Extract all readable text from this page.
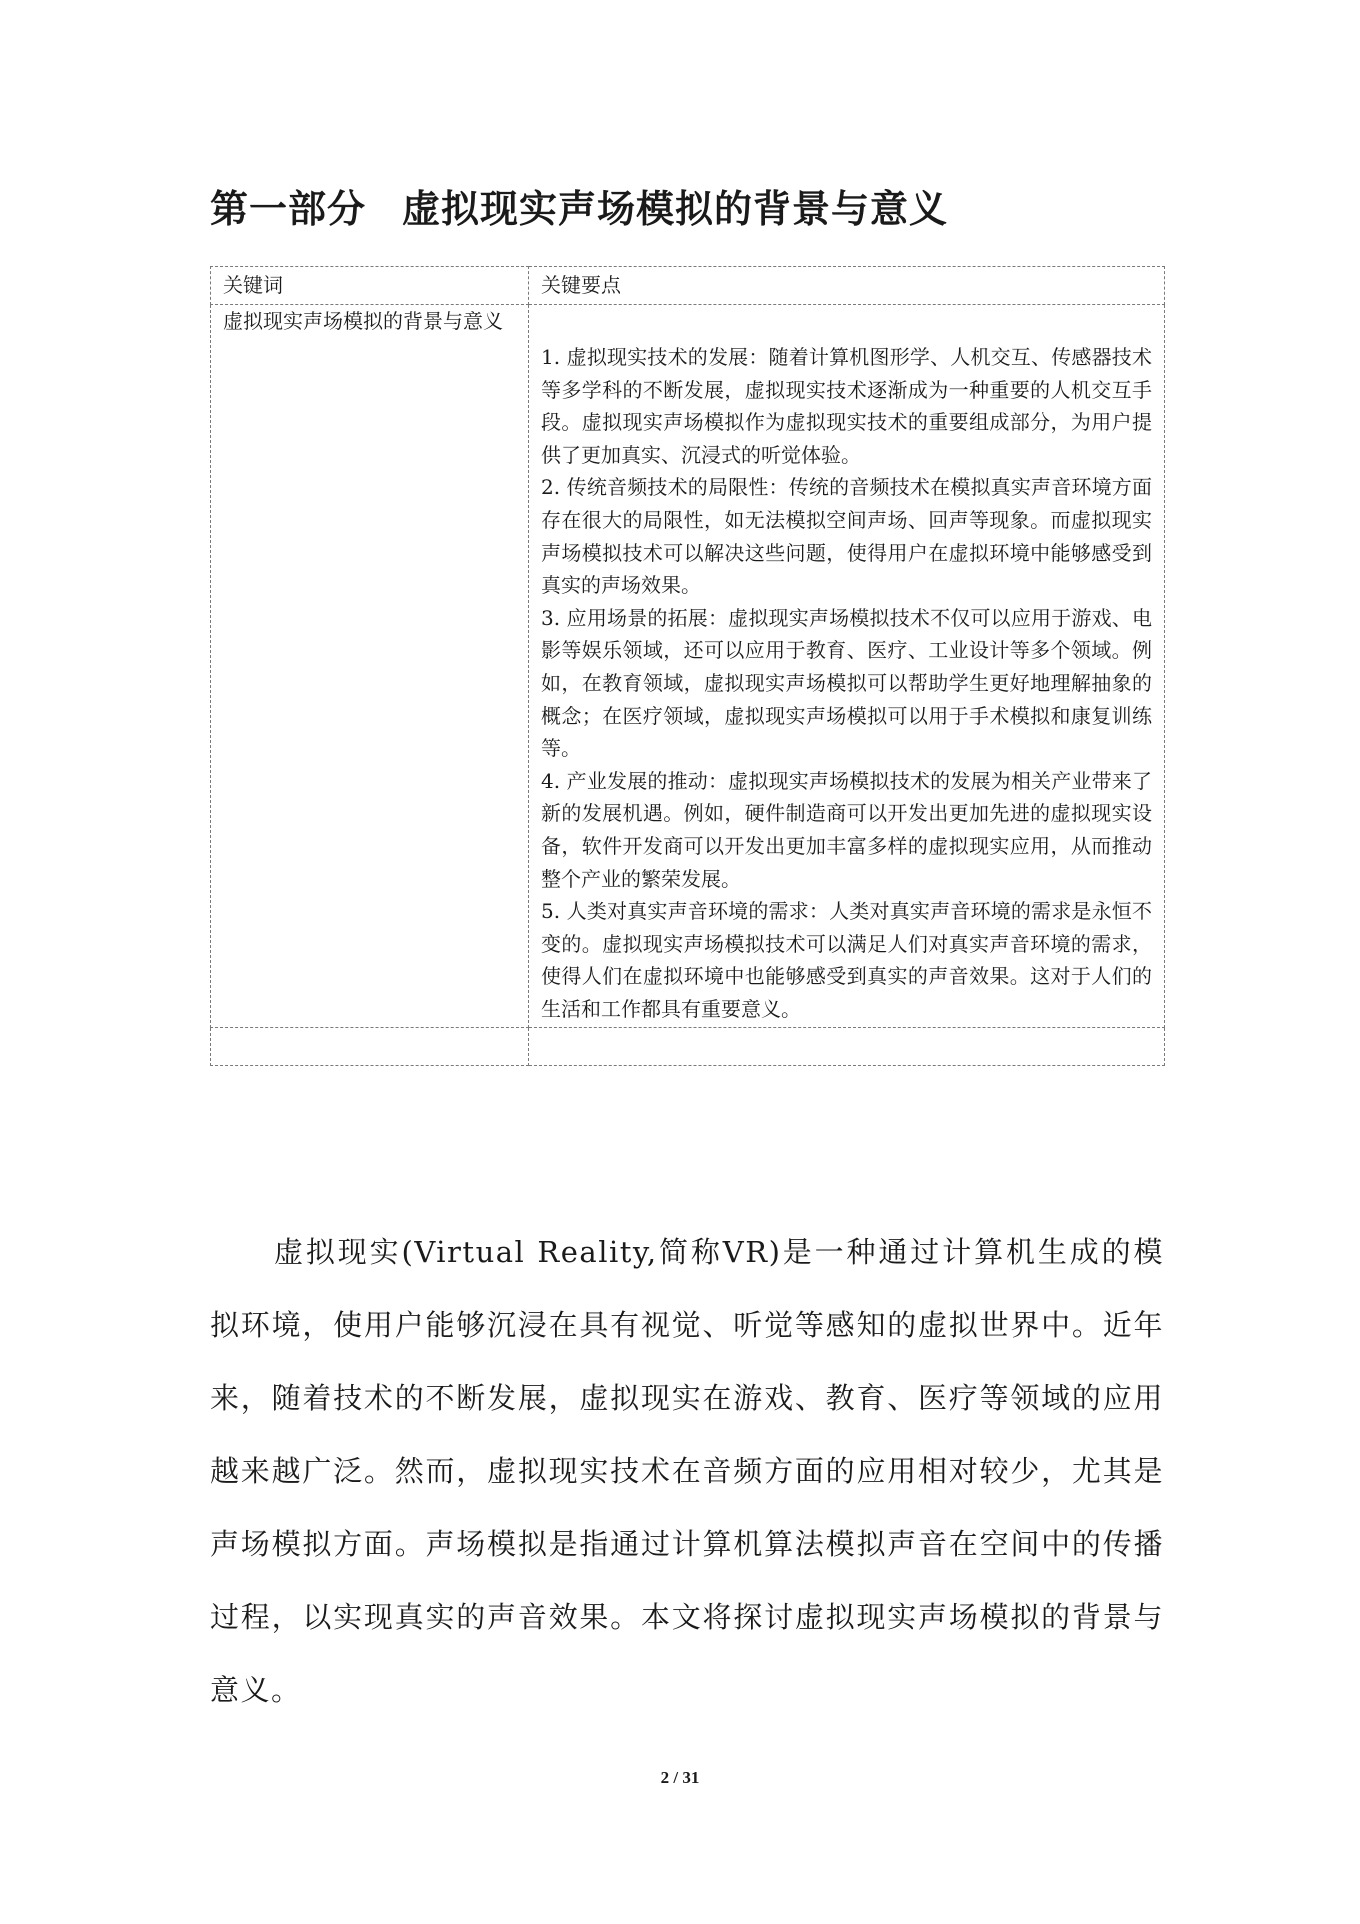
第一部分 虚拟现实声场模拟的背景与意义
关键词	关键要点
虚拟现实声场模拟的背景与意义	1. 虚拟现实技术的发展：随着计算机图形学、人机交互、传感器技术等多学科的不断发展，虚拟现实技术逐渐成为一种重要的人机交互手段。虚拟现实声场模拟作为虚拟现实技术的重要组成部分，为用户提供了更加真实、沉浸式的听觉体验。

2. 传统音频技术的局限性：传统的音频技术在模拟真实声音环境方面存在很大的局限性，如无法模拟空间声场、回声等现象。而虚拟现实声场模拟技术可以解决这些问题，使得用户在虚拟环境中能够感受到真实的声场效果。

3. 应用场景的拓展：虚拟现实声场模拟技术不仅可以应用于游戏、电影等娱乐领域，还可以应用于教育、医疗、工业设计等多个领域。例如，在教育领域，虚拟现实声场模拟可以帮助学生更好地理解抽象的概念；在医疗领域，虚拟现实声场模拟可以用于手术模拟和康复训练等。

4. 产业发展的推动：虚拟现实声场模拟技术的发展为相关产业带来了新的发展机遇。例如，硬件制造商可以开发出更加先进的虚拟现实设备，软件开发商可以开发出更加丰富多样的虚拟现实应用，从而推动整个产业的繁荣发展。

5. 人类对真实声音环境的需求：人类对真实声音环境的需求是永恒不变的。虚拟现实声场模拟技术可以满足人们对真实声音环境的需求，使得人们在虚拟环境中也能够感受到真实的声音效果。这对于人们的生活和工作都具有重要意义。

虚拟现实(Virtual Reality,简称VR)是一种通过计算机生成的模拟环境，使用户能够沉浸在具有视觉、听觉等感知的虚拟世界中。近年来，随着技术的不断发展，虚拟现实在游戏、教育、医疗等领域的应用越来越广泛。然而，虚拟现实技术在音频方面的应用相对较少，尤其是声场模拟方面。声场模拟是指通过计算机算法模拟声音在空间中的传播过程，以实现真实的声音效果。本文将探讨虚拟现实声场模拟的背景与意义。

2 / 31
